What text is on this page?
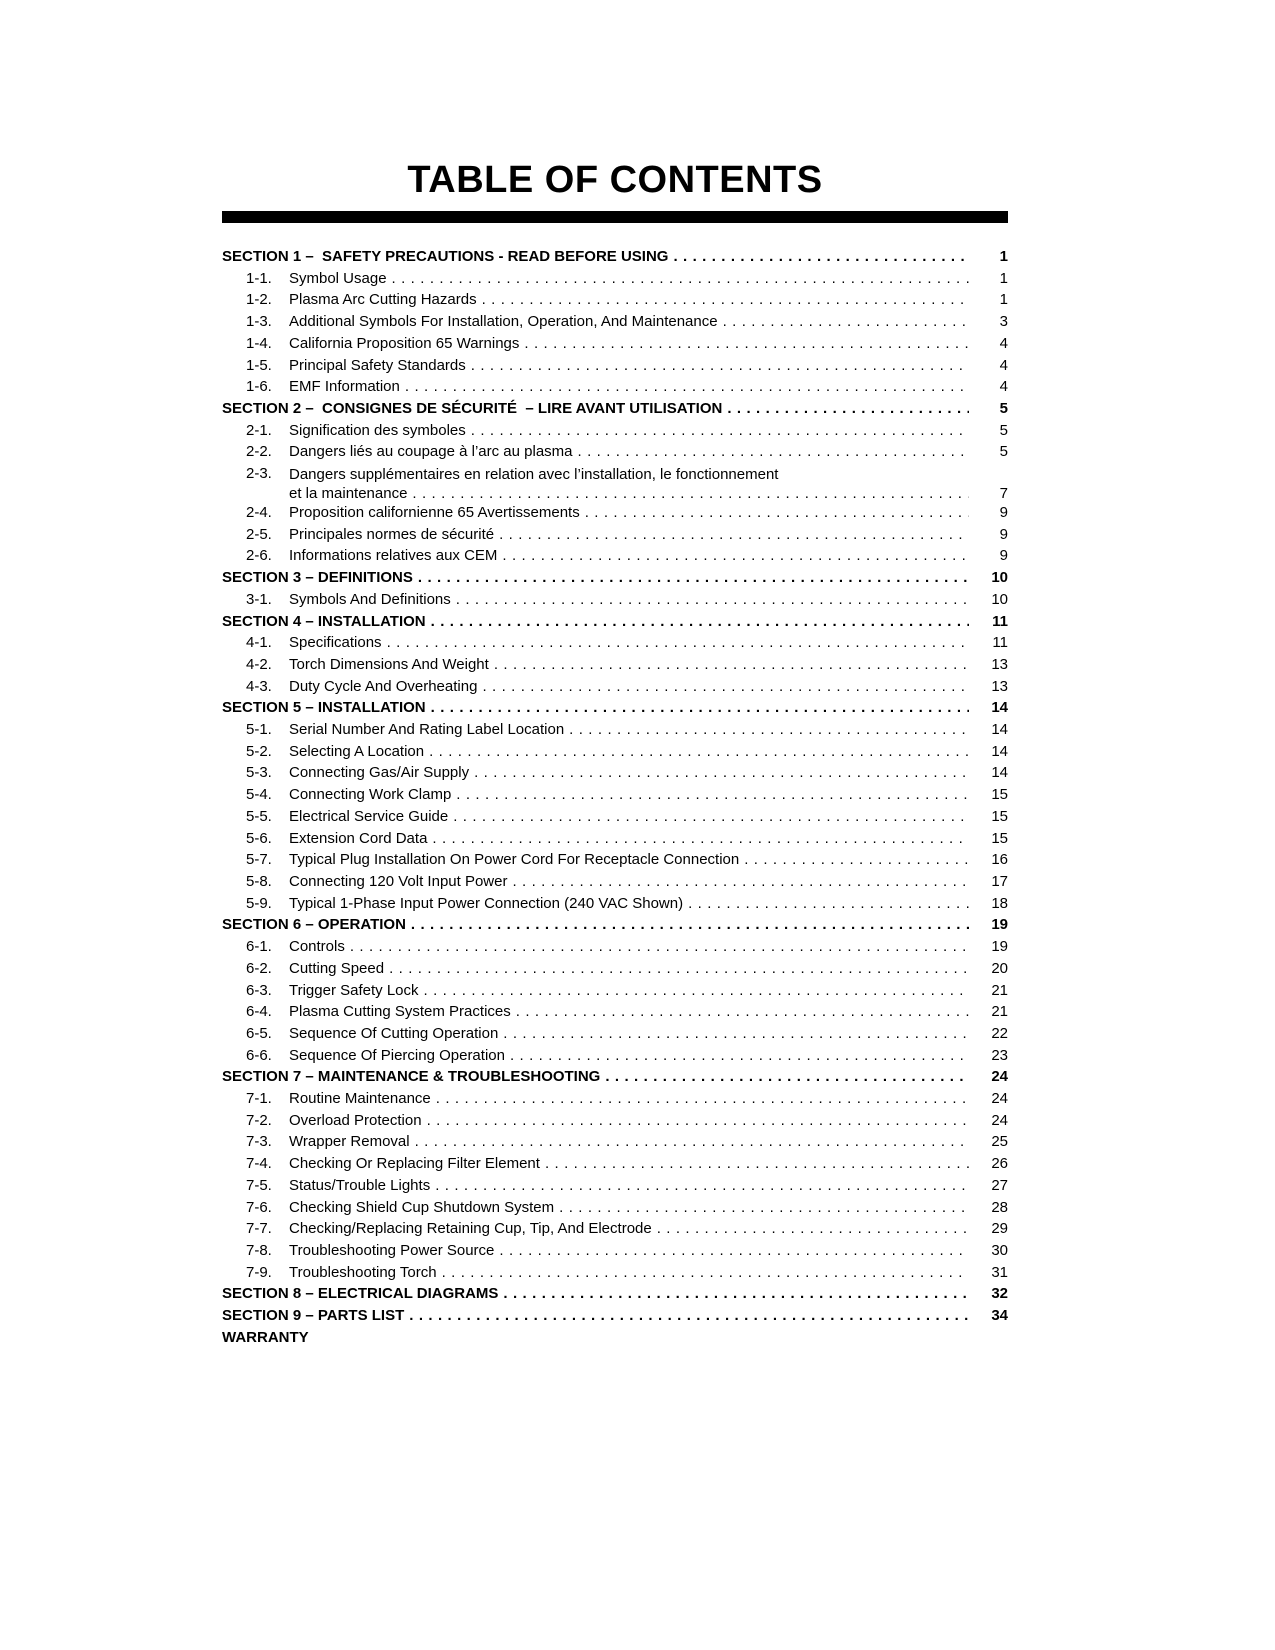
TABLE OF CONTENTS
SECTION 1 –  SAFETY PRECAUTIONS - READ BEFORE USING .....	1
1-1.	Symbol Usage .....	1
1-2.	Plasma Arc Cutting Hazards .....	1
1-3.	Additional Symbols For Installation, Operation, And Maintenance .....	3
1-4.	California Proposition 65 Warnings .....	4
1-5.	Principal Safety Standards .....	4
1-6.	EMF Information .....	4
SECTION 2 –  CONSIGNES DE SÉCURITÉ  – LIRE AVANT UTILISATION .....	5
2-1.	Signification des symboles .....	5
2-2.	Dangers liés au coupage à l’arc au plasma .....	5
2-3.	Dangers supplémentaires en relation avec l’installation, le fonctionnement
et la maintenance .....	7
2-4.	Proposition californienne 65 Avertissements .....	9
2-5.	Principales normes de sécurité .....	9
2-6.	Informations relatives aux CEM .....	9
SECTION 3 – DEFINITIONS .....	10
3-1.	Symbols And Definitions .....	10
SECTION 4 – INSTALLATION .....	11
4-1.	Specifications .....	11
4-2.	Torch Dimensions And Weight .....	13
4-3.	Duty Cycle And Overheating .....	13
SECTION 5 – INSTALLATION .....	14
5-1.	Serial Number And Rating Label Location .....	14
5-2.	Selecting A Location .....	14
5-3.	Connecting Gas/Air Supply .....	14
5-4.	Connecting Work Clamp .....	15
5-5.	Electrical Service Guide .....	15
5-6.	Extension Cord Data .....	15
5-7.	Typical Plug Installation On Power Cord For Receptacle Connection .....	16
5-8.	Connecting 120 Volt Input Power .....	17
5-9.	Typical 1-Phase Input Power Connection (240 VAC Shown) .....	18
SECTION 6 – OPERATION .....	19
6-1.	Controls .....	19
6-2.	Cutting Speed .....	20
6-3.	Trigger Safety Lock .....	21
6-4.	Plasma Cutting System Practices .....	21
6-5.	Sequence Of Cutting Operation .....	22
6-6.	Sequence Of Piercing Operation .....	23
SECTION 7 – MAINTENANCE & TROUBLESHOOTING .....	24
7-1.	Routine Maintenance .....	24
7-2.	Overload Protection .....	24
7-3.	Wrapper Removal .....	25
7-4.	Checking Or Replacing Filter Element .....	26
7-5.	Status/Trouble Lights .....	27
7-6.	Checking Shield Cup Shutdown System .....	28
7-7.	Checking/Replacing Retaining Cup, Tip, And Electrode .....	29
7-8.	Troubleshooting Power Source .....	30
7-9.	Troubleshooting Torch .....	31
SECTION 8 – ELECTRICAL DIAGRAMS .....	32
SECTION 9 – PARTS LIST .....	34
WARRANTY
